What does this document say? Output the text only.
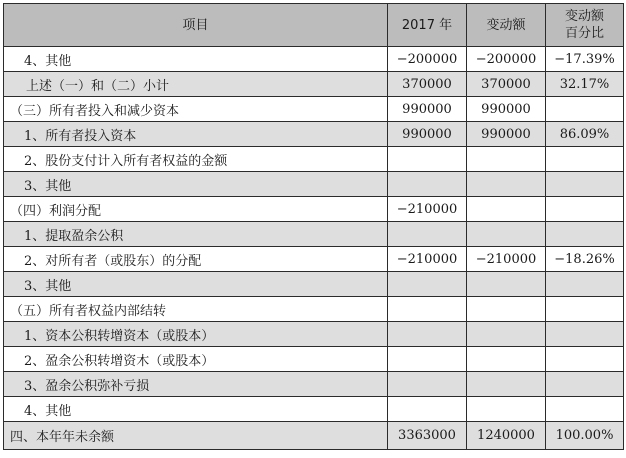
项目	2017 年	变动额	变动额
百分比
4、其他	−200000	−200000	−17.39%
上述（一）和（二）小计	370000	370000	32.17%
（三）所有者投入和减少资本	990000	990000	
1、所有者投入资本	990000	990000	86.09%
2、股份支付计入所有者权益的金额			
3、其他			
（四）利润分配	−210000		
1、提取盈余公积			
2、对所有者（或股东）的分配	−210000	−210000	−18.26%
3、其他			
（五）所有者权益内部结转			
1、资本公积转增资本（或股本）			
2、盈余公积转增资木（或股本）			
3、盈余公积弥补亏损			
4、其他			
四、本年年未余额	3363000	1240000	100.00%
